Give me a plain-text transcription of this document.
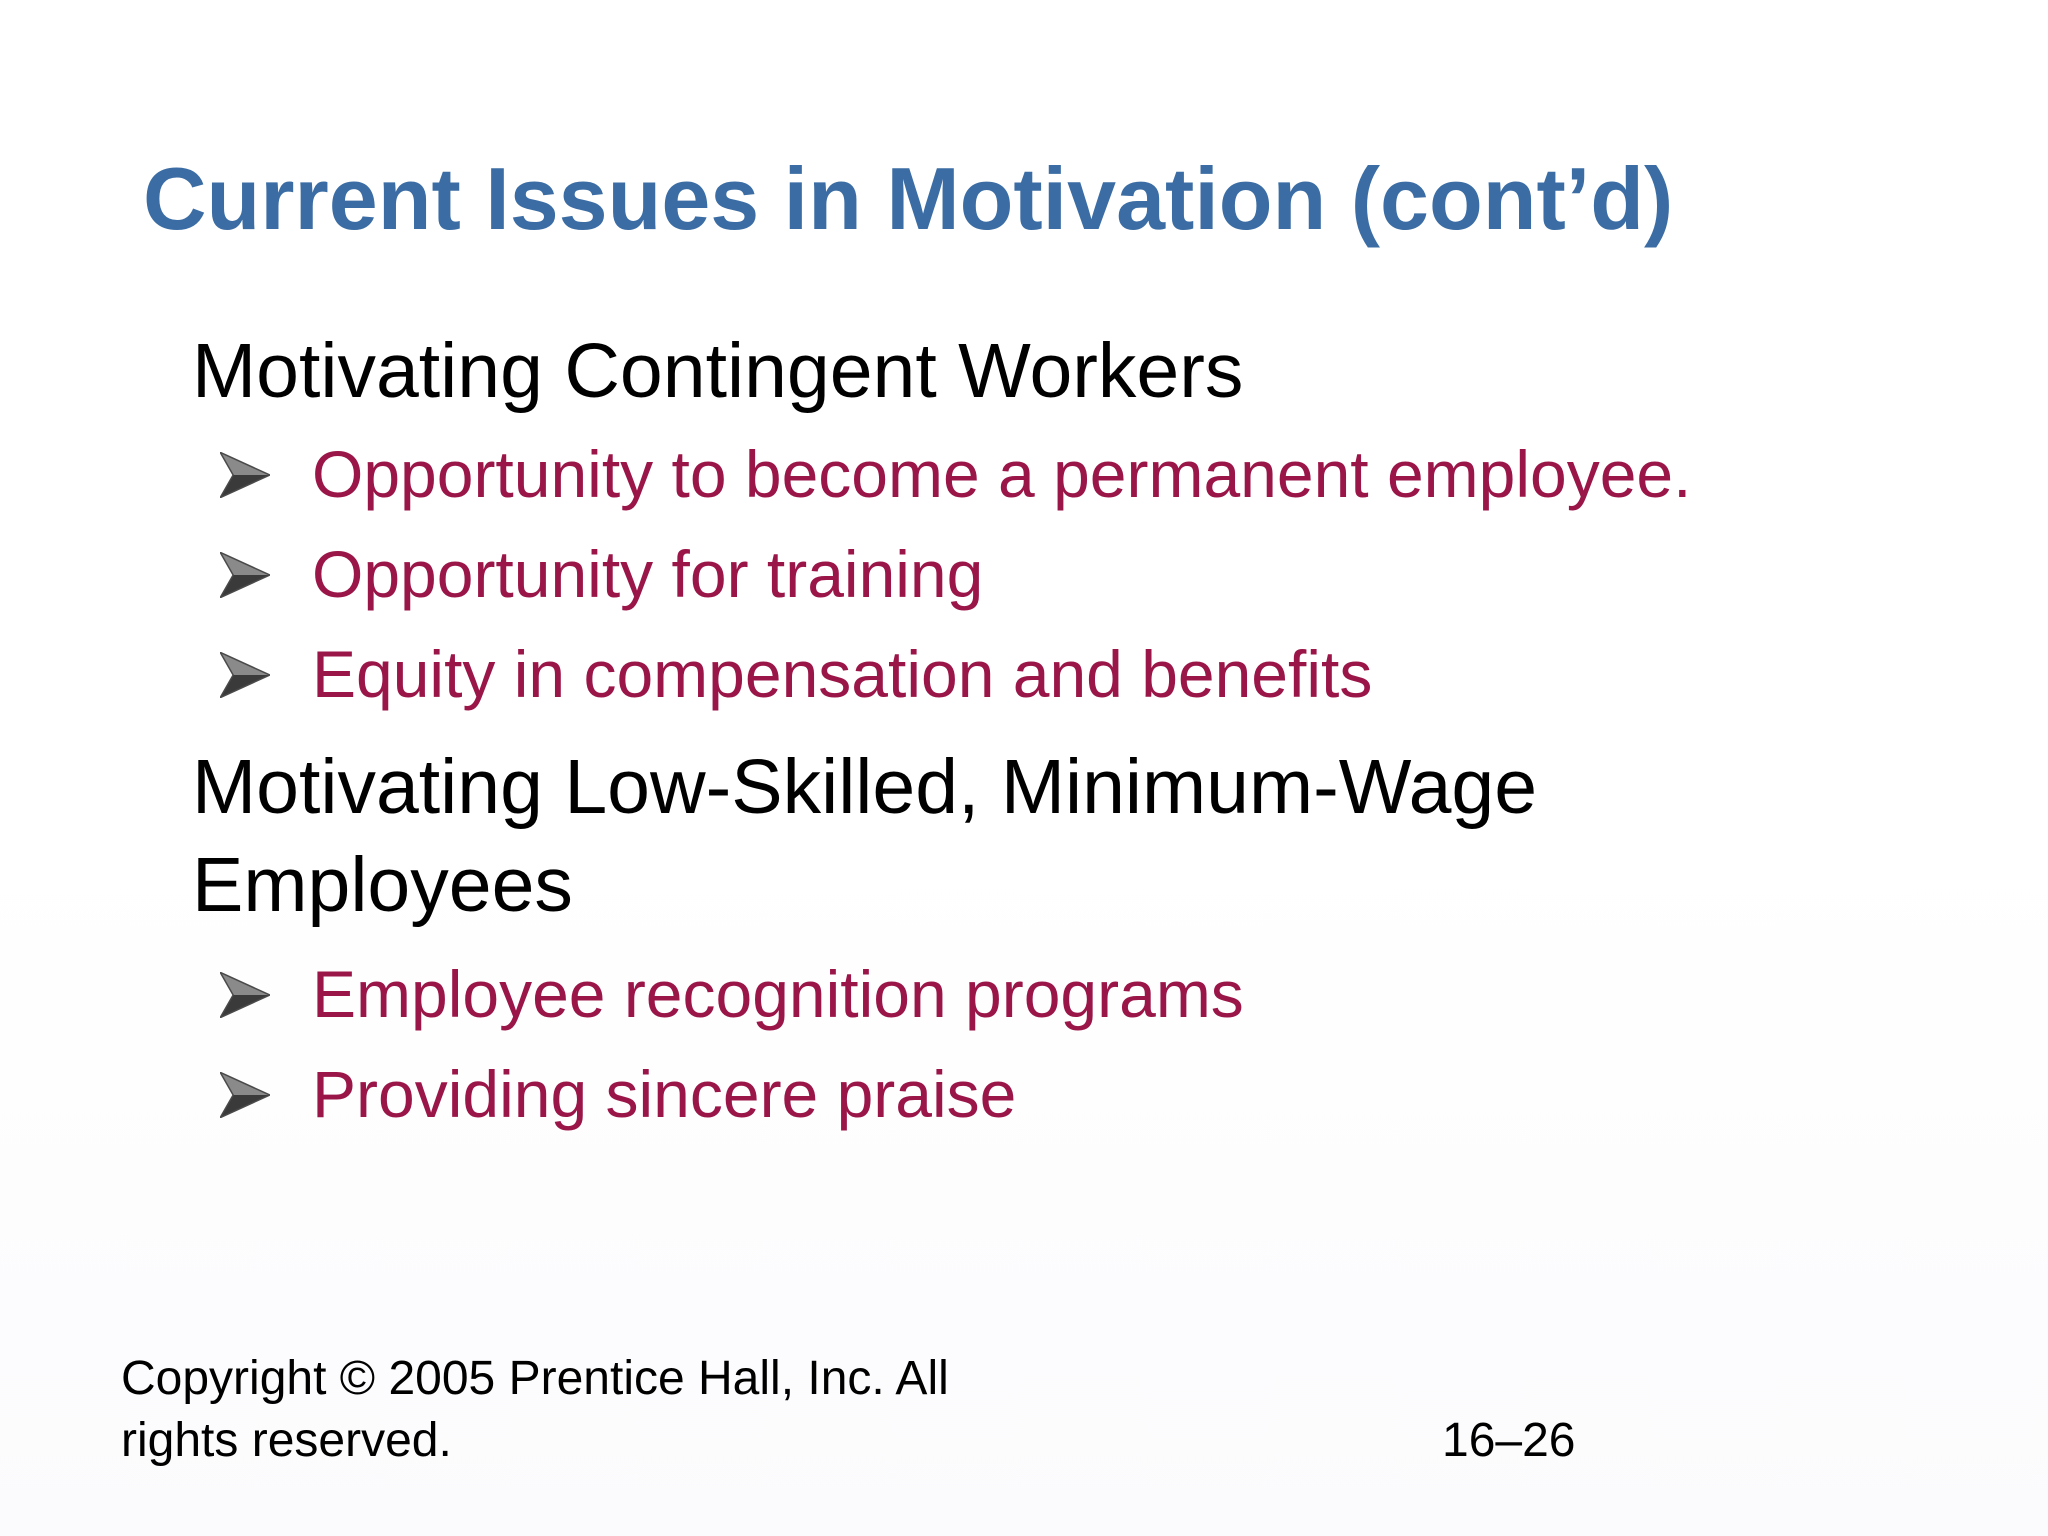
Current Issues in Motivation (cont’d)

Motivating Contingent Workers

Opportunity to become a permanent employee.
Opportunity for training
Equity in compensation and benefits
Motivating Low-Skilled, Minimum-Wage
Employees
Employee recognition programs
Providing sincere praise
Copyright © 2005 Prentice Hall, Inc. All
rights reserved.	16–26
